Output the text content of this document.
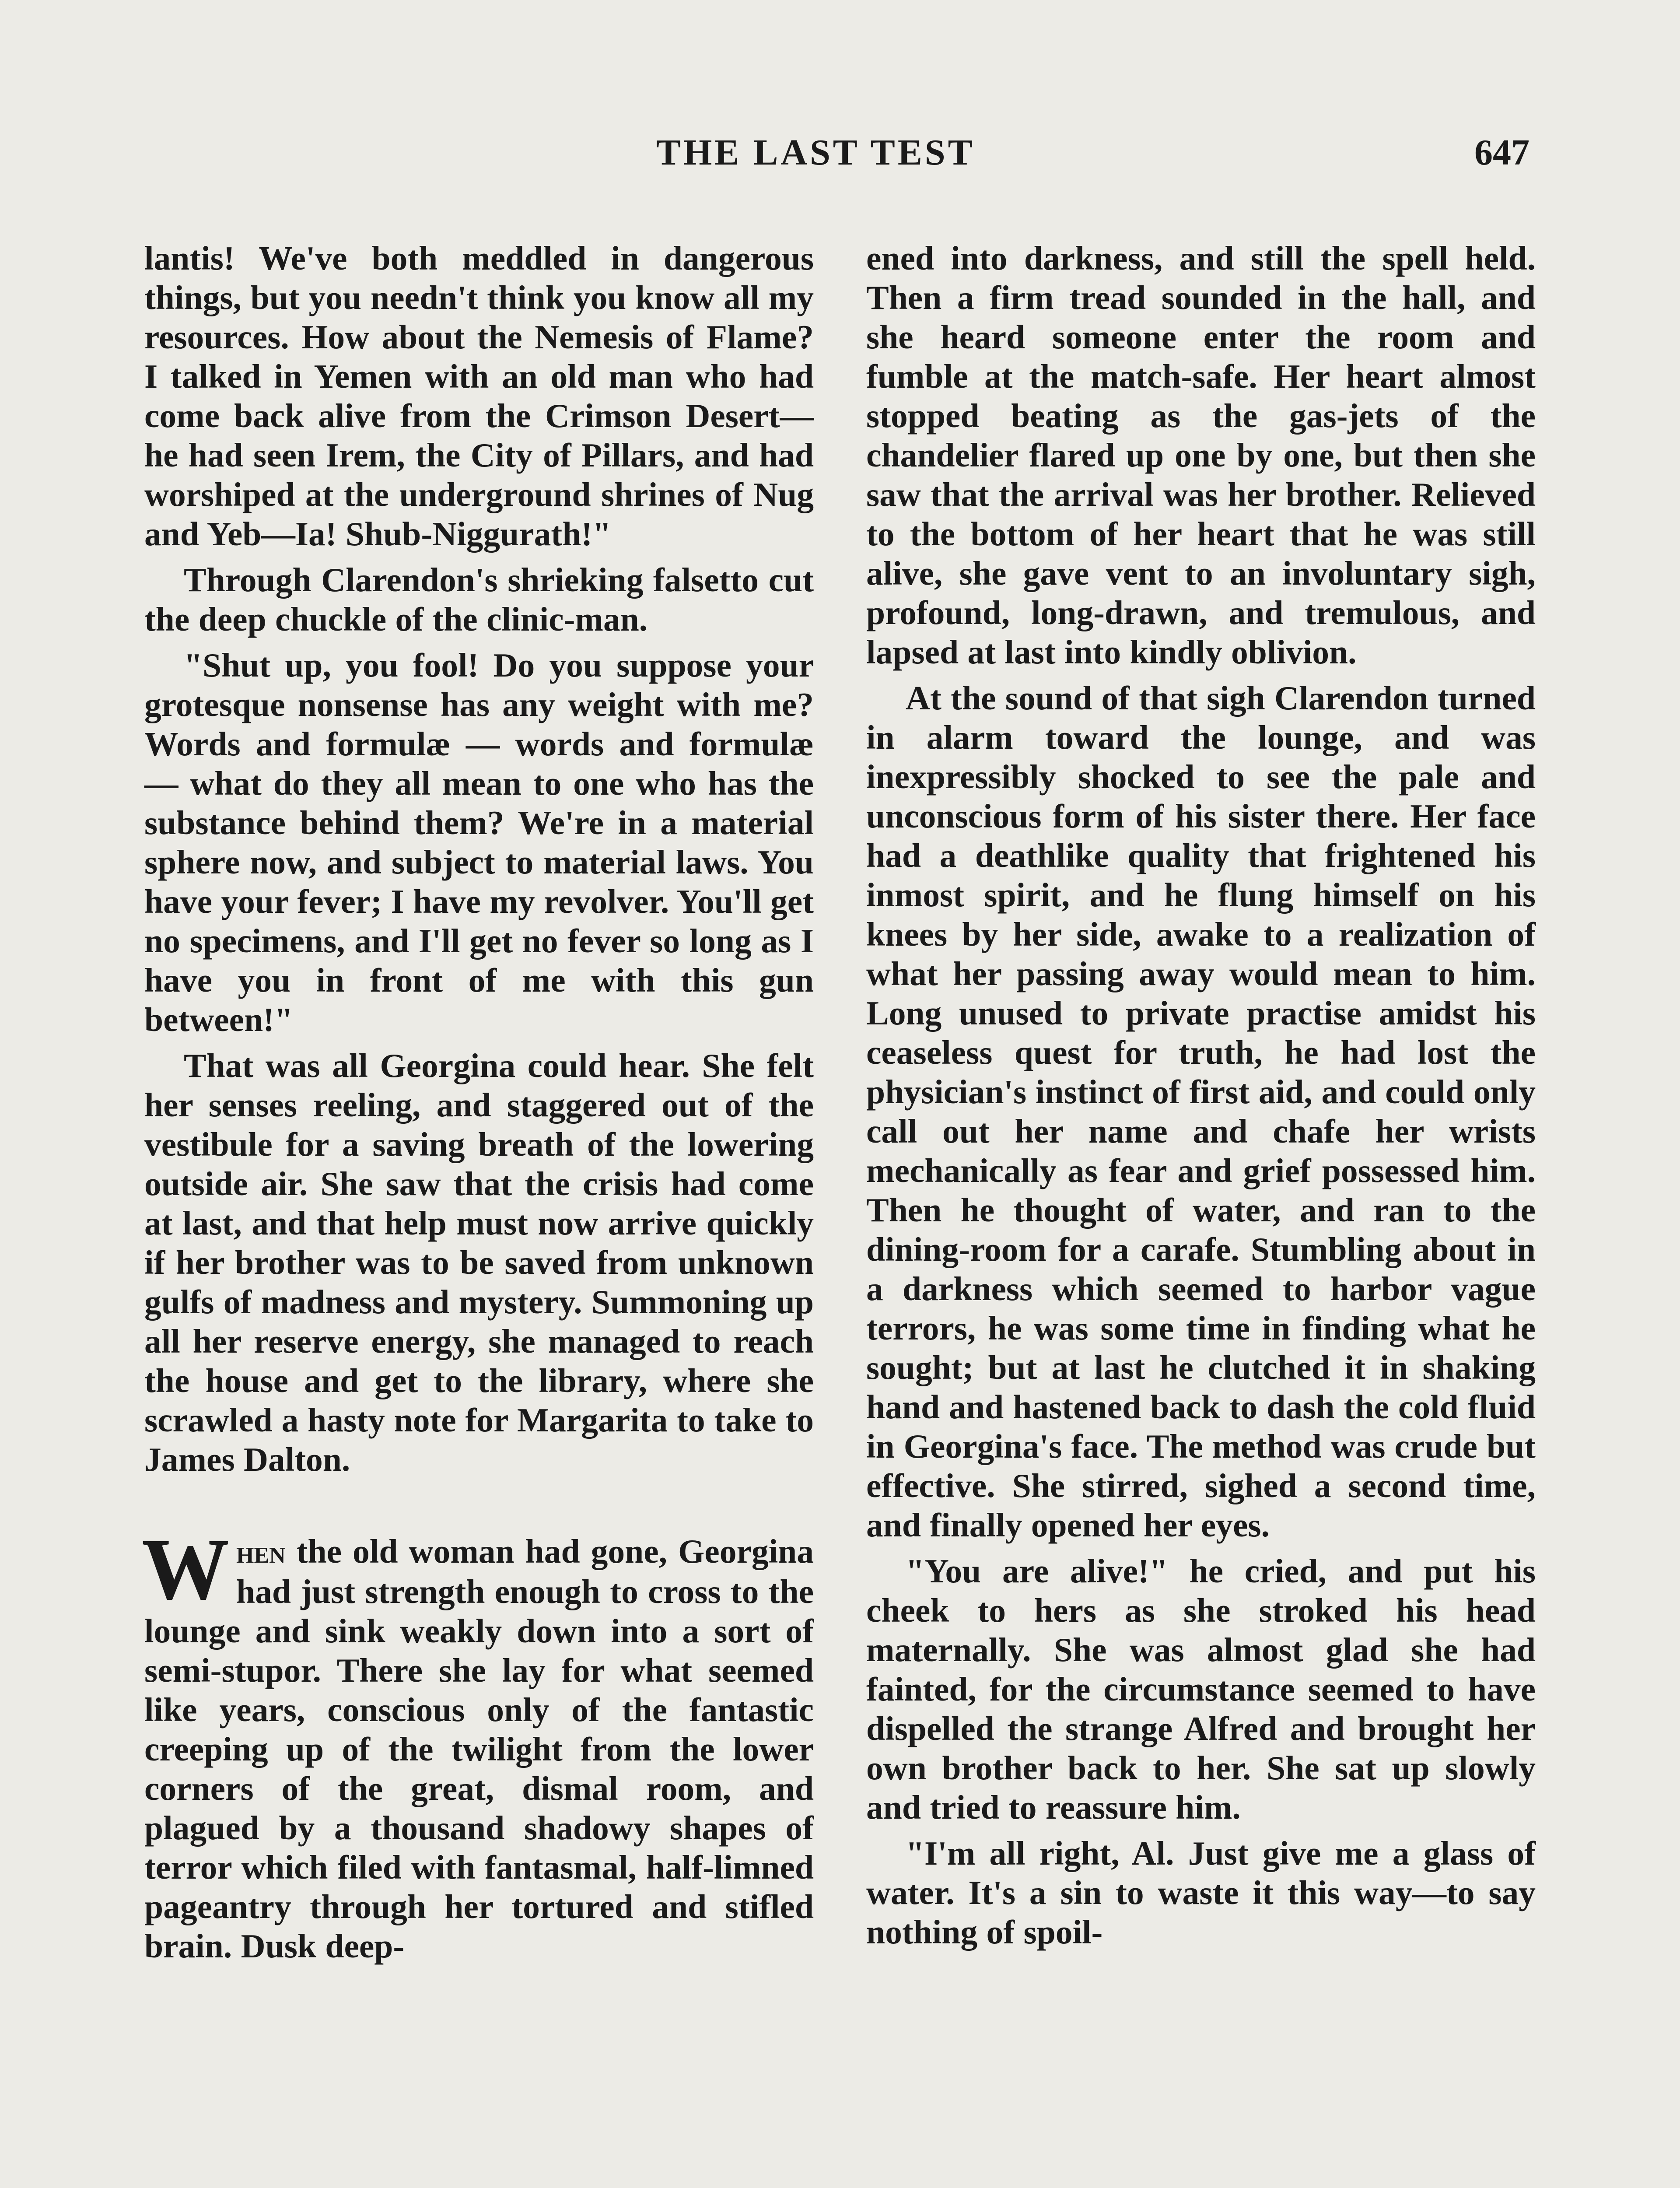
THE LAST TEST	647

lantis! We've both meddled in dangerous things, but you needn't think you know all my resources. How about the Nemesis of Flame? I talked in Yemen with an old man who had come back alive from the Crimson Desert—he had seen Irem, the City of Pillars, and had worshiped at the underground shrines of Nug and Yeb—Ia! Shub-Niggurath!"

Through Clarendon's shrieking falsetto cut the deep chuckle of the clinic-man.

"Shut up, you fool! Do you suppose your grotesque nonsense has any weight with me? Words and formulæ — words and formulæ — what do they all mean to one who has the substance behind them? We're in a material sphere now, and subject to material laws. You have your fever; I have my revolver. You'll get no specimens, and I'll get no fever so long as I have you in front of me with this gun between!"

That was all Georgina could hear. She felt her senses reeling, and staggered out of the vestibule for a saving breath of the lowering outside air. She saw that the crisis had come at last, and that help must now arrive quickly if her brother was to be saved from unknown gulfs of madness and mystery. Summoning up all her reserve energy, she managed to reach the house and get to the library, where she scrawled a hasty note for Margarita to take to James Dalton.

When the old woman had gone, Georgina had just strength enough to cross to the lounge and sink weakly down into a sort of semi-stupor. There she lay for what seemed like years, conscious only of the fantastic creeping up of the twilight from the lower corners of the great, dismal room, and plagued by a thousand shadowy shapes of terror which filed with fantasmal, half-limned pageantry through her tortured and stifled brain. Dusk deep-

ened into darkness, and still the spell held. Then a firm tread sounded in the hall, and she heard someone enter the room and fumble at the match-safe. Her heart almost stopped beating as the gas-jets of the chandelier flared up one by one, but then she saw that the arrival was her brother. Relieved to the bottom of her heart that he was still alive, she gave vent to an involuntary sigh, profound, long-drawn, and tremulous, and lapsed at last into kindly oblivion.

At the sound of that sigh Clarendon turned in alarm toward the lounge, and was inexpressibly shocked to see the pale and unconscious form of his sister there. Her face had a deathlike quality that frightened his inmost spirit, and he flung himself on his knees by her side, awake to a realization of what her passing away would mean to him. Long unused to private practise amidst his ceaseless quest for truth, he had lost the physician's instinct of first aid, and could only call out her name and chafe her wrists mechanically as fear and grief possessed him. Then he thought of water, and ran to the dining-room for a carafe. Stumbling about in a darkness which seemed to harbor vague terrors, he was some time in finding what he sought; but at last he clutched it in shaking hand and hastened back to dash the cold fluid in Georgina's face. The method was crude but effective. She stirred, sighed a second time, and finally opened her eyes.

"You are alive!" he cried, and put his cheek to hers as she stroked his head maternally. She was almost glad she had fainted, for the circumstance seemed to have dispelled the strange Alfred and brought her own brother back to her. She sat up slowly and tried to reassure him.

"I'm all right, Al. Just give me a glass of water. It's a sin to waste it this way—to say nothing of spoil-
